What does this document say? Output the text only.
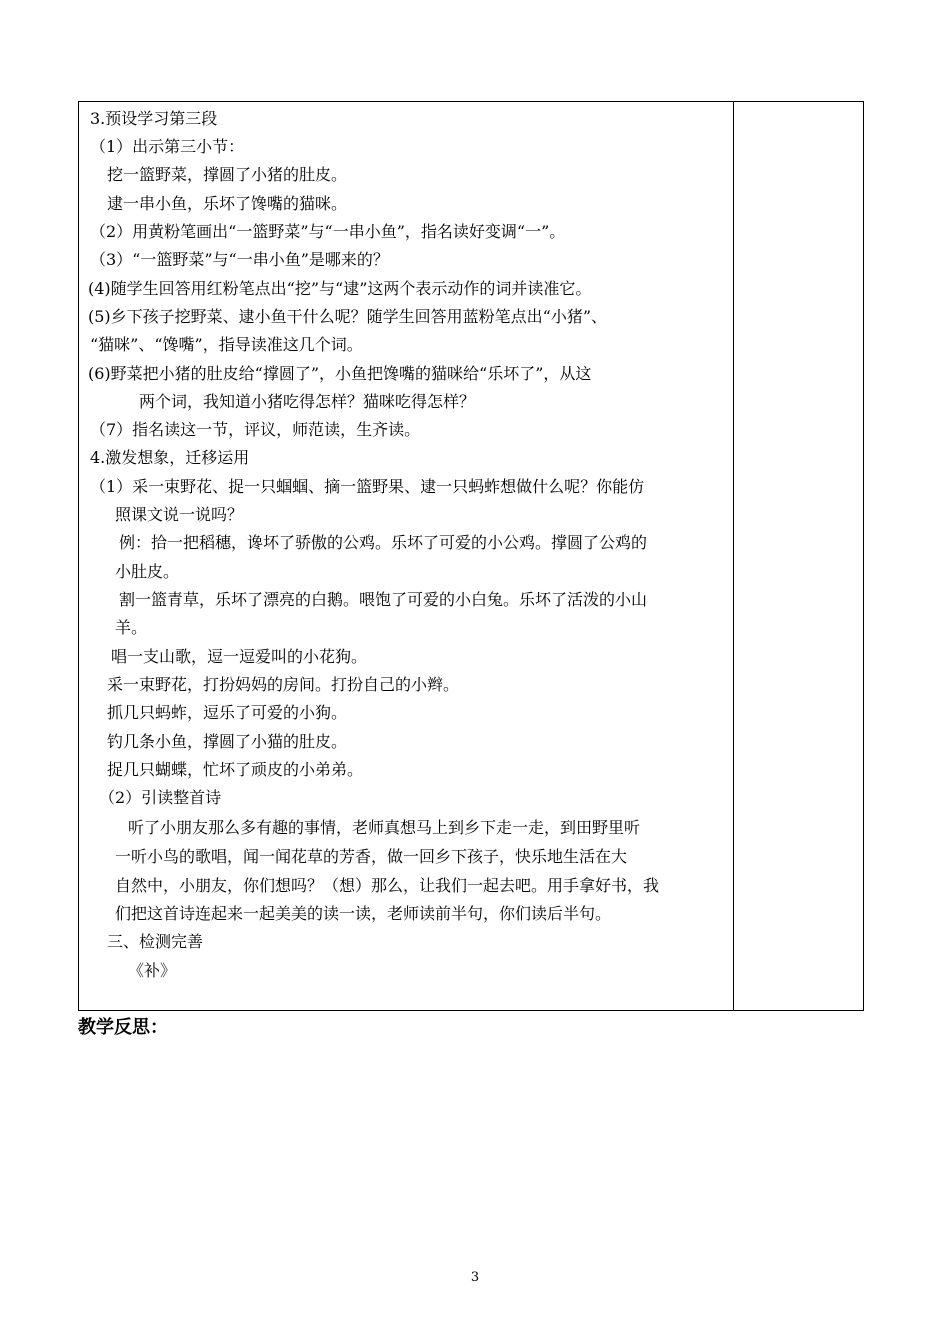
3.预设学习第三段
（1）出示第三小节：
挖一篮野菜，撑圆了小猪的肚皮。
逮一串小鱼，乐坏了馋嘴的猫咪。
（2）用黄粉笔画出“一篮野菜”与“一串小鱼”，指名读好变调“一”。
（3）“一篮野菜”与“一串小鱼”是哪来的？
(4)随学生回答用红粉笔点出“挖”与“逮”这两个表示动作的词并读准它。
(5)乡下孩子挖野菜、逮小鱼干什么呢？随学生回答用蓝粉笔点出“小猪”、
“猫咪”、“馋嘴”，指导读准这几个词。
(6)野菜把小猪的肚皮给“撑圆了”，小鱼把馋嘴的猫咪给“乐坏了”，从这
两个词，我知道小猪吃得怎样？猫咪吃得怎样？
（7）指名读这一节，评议，师范读，生齐读。
4.激发想象，迁移运用
（1）采一束野花、捉一只蝈蝈、摘一篮野果、逮一只蚂蚱想做什么呢？你能仿
照课文说一说吗？
例：拾一把稻穗，谗坏了骄傲的公鸡。乐坏了可爱的小公鸡。撑圆了公鸡的
小肚皮。
割一篮青草，乐坏了漂亮的白鹅。喂饱了可爱的小白兔。乐坏了活泼的小山
羊。
唱一支山歌，逗一逗爱叫的小花狗。
采一束野花，打扮妈妈的房间。打扮自己的小辫。
抓几只蚂蚱，逗乐了可爱的小狗。
钓几条小鱼，撑圆了小猫的肚皮。
捉几只蝴蝶，忙坏了顽皮的小弟弟。
（2）引读整首诗
听了小朋友那么多有趣的事情，老师真想马上到乡下走一走，到田野里听
一听小鸟的歌唱，闻一闻花草的芳香，做一回乡下孩子，快乐地生活在大
自然中，小朋友，你们想吗？（想）那么，让我们一起去吧。用手拿好书，我
们把这首诗连起来一起美美的读一读，老师读前半句，你们读后半句。
三、检测完善
《补》
教学反思：
3
